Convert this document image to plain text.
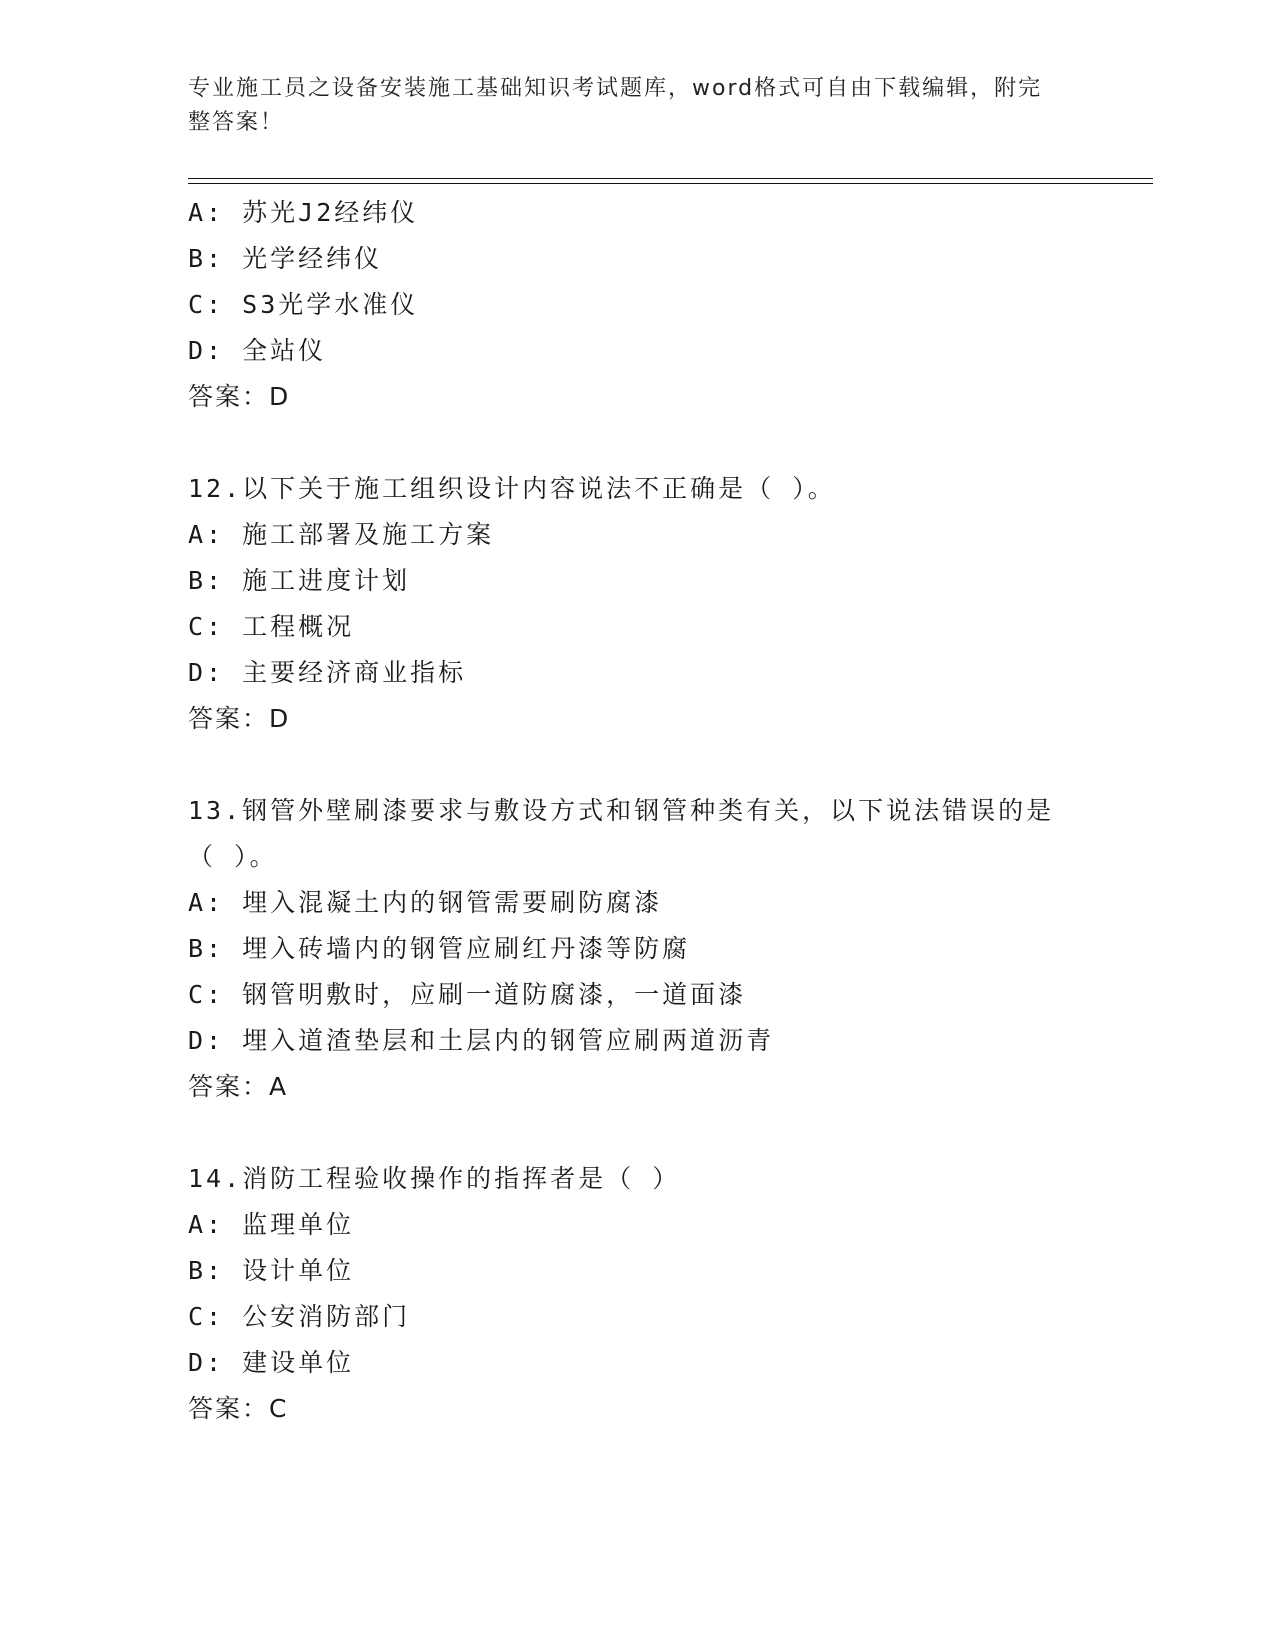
专业施工员之设备安装施工基础知识考试题库，word格式可自由下载编辑，附完
整答案！
A: 苏光J2经纬仪
B: 光学经纬仪
C: S3光学水准仪
D: 全站仪
答案：D
12.以下关于施工组织设计内容说法不正确是（ ）。
A: 施工部署及施工方案
B: 施工进度计划
C: 工程概况
D: 主要经济商业指标
答案：D
13.钢管外壁刷漆要求与敷设方式和钢管种类有关，以下说法错误的是
（ ）。
A: 埋入混凝土内的钢管需要刷防腐漆
B: 埋入砖墙内的钢管应刷红丹漆等防腐
C: 钢管明敷时，应刷一道防腐漆，一道面漆
D: 埋入道渣垫层和土层内的钢管应刷两道沥青
答案：A
14.消防工程验收操作的指挥者是（ ）
A: 监理单位
B: 设计单位
C: 公安消防部门
D: 建设单位
答案：C
